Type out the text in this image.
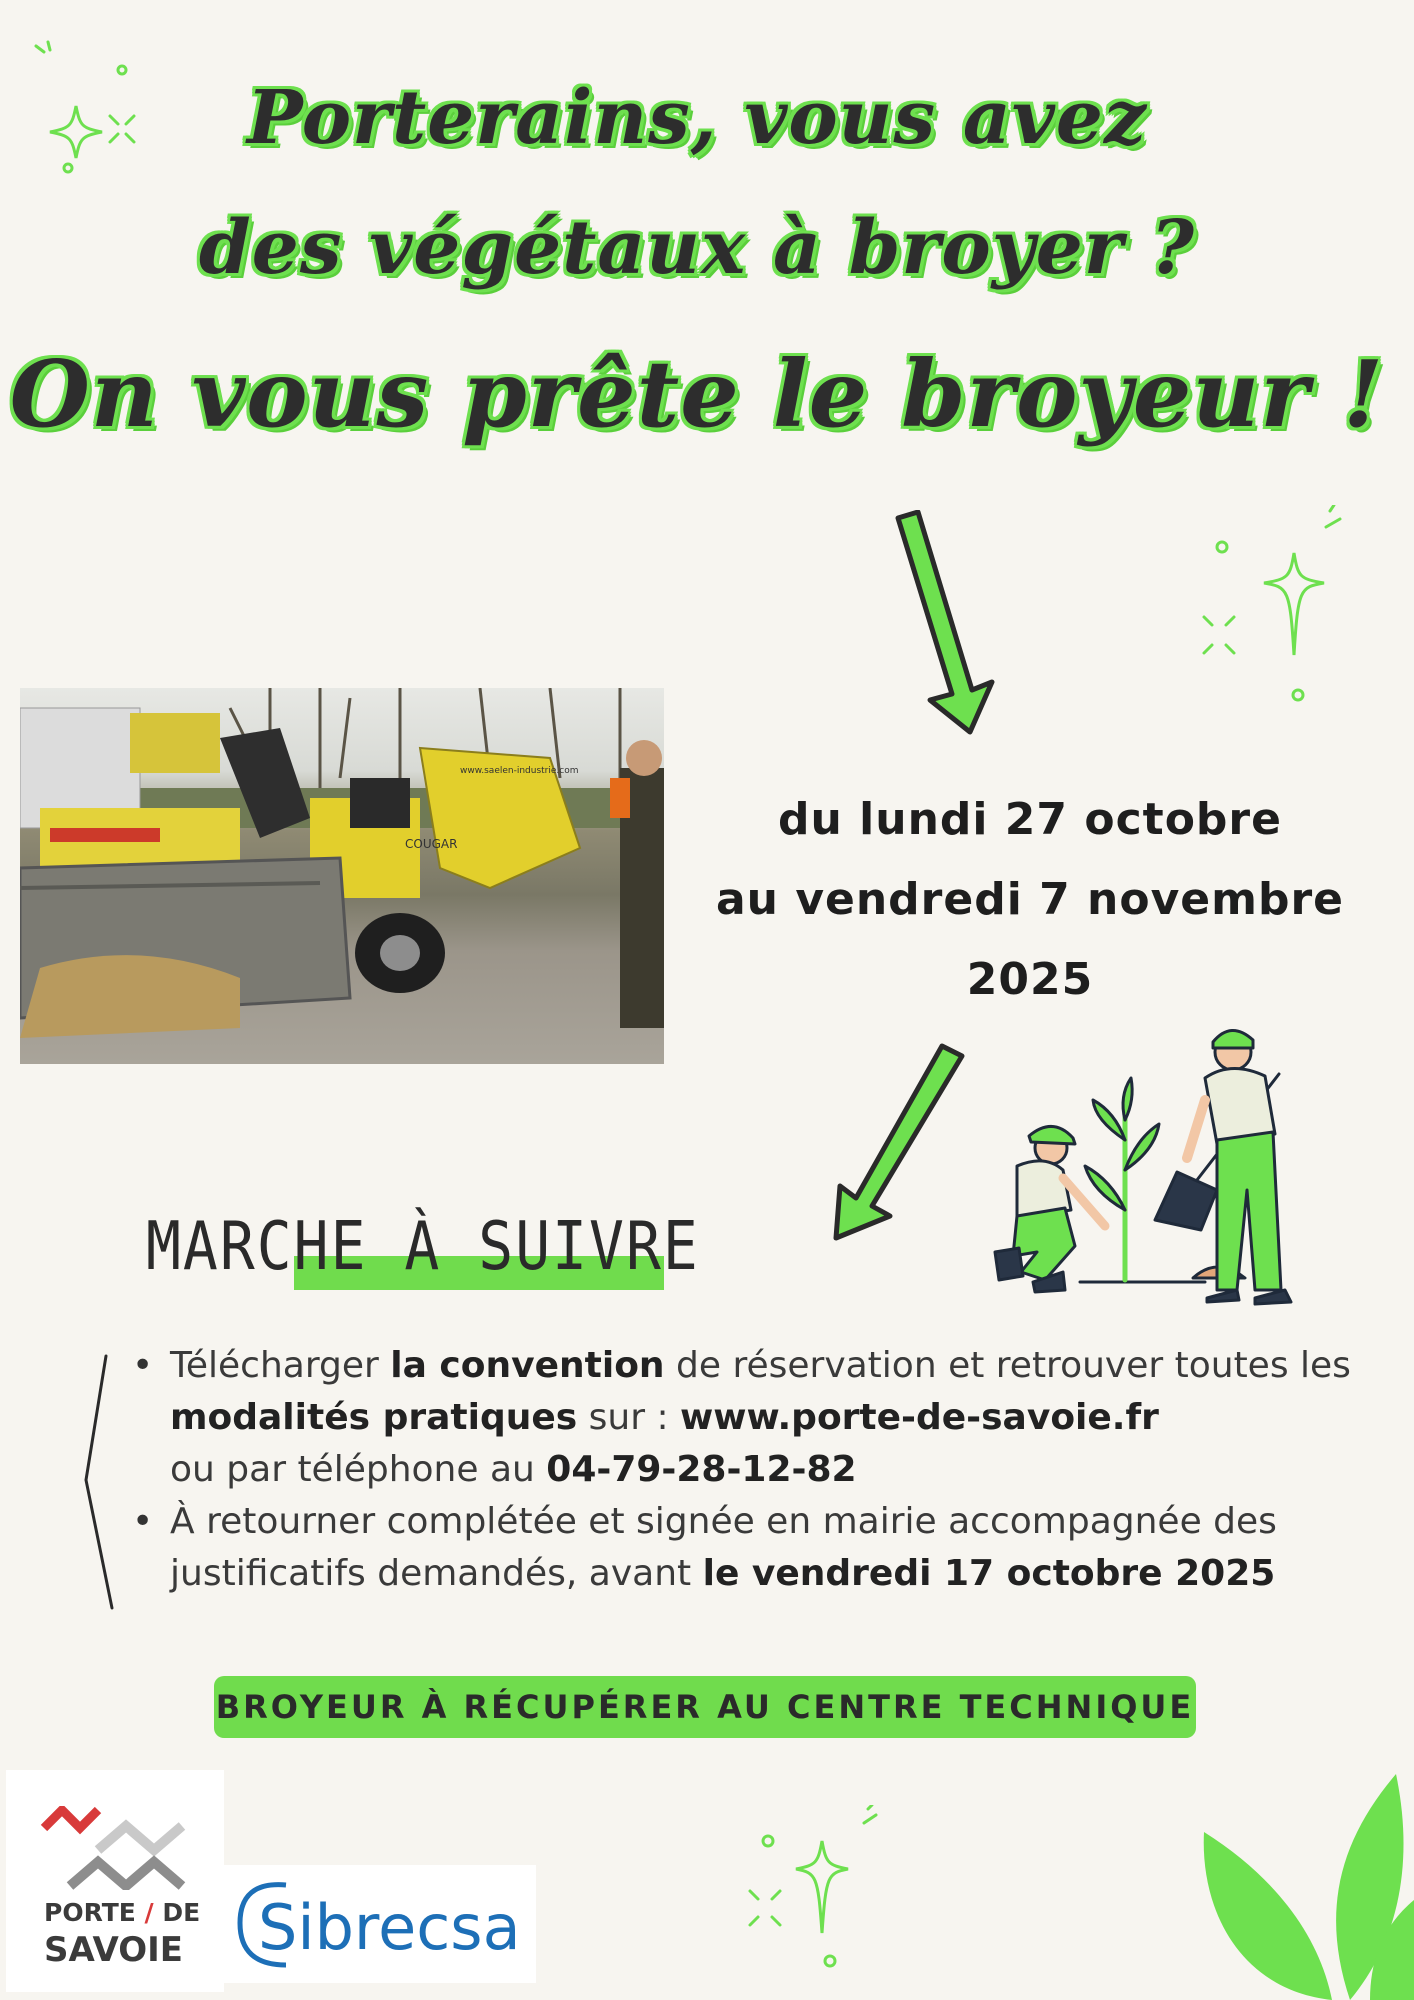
Porterains, vous avez
des végétaux à broyer ?
On vous prête le broyeur !
COUGAR
www.saelen-industrie.com
du lundi 27 octobre
au vendredi 7 novembre
2025
MARCHE À SUIVRE
• Télécharger la convention de réservation et retrouver toutes les modalités pratiques sur : www.porte-de-savoie.fr
ou par téléphone au 04-79-28-12-82
• À retourner complétée et signée en mairie accompagnée des justificatifs demandés, avant le vendredi 17 octobre 2025
BROYEUR À RÉCUPÉRER AU CENTRE TECHNIQUE
PORTE / DE
SAVOIE Sibrecsa
